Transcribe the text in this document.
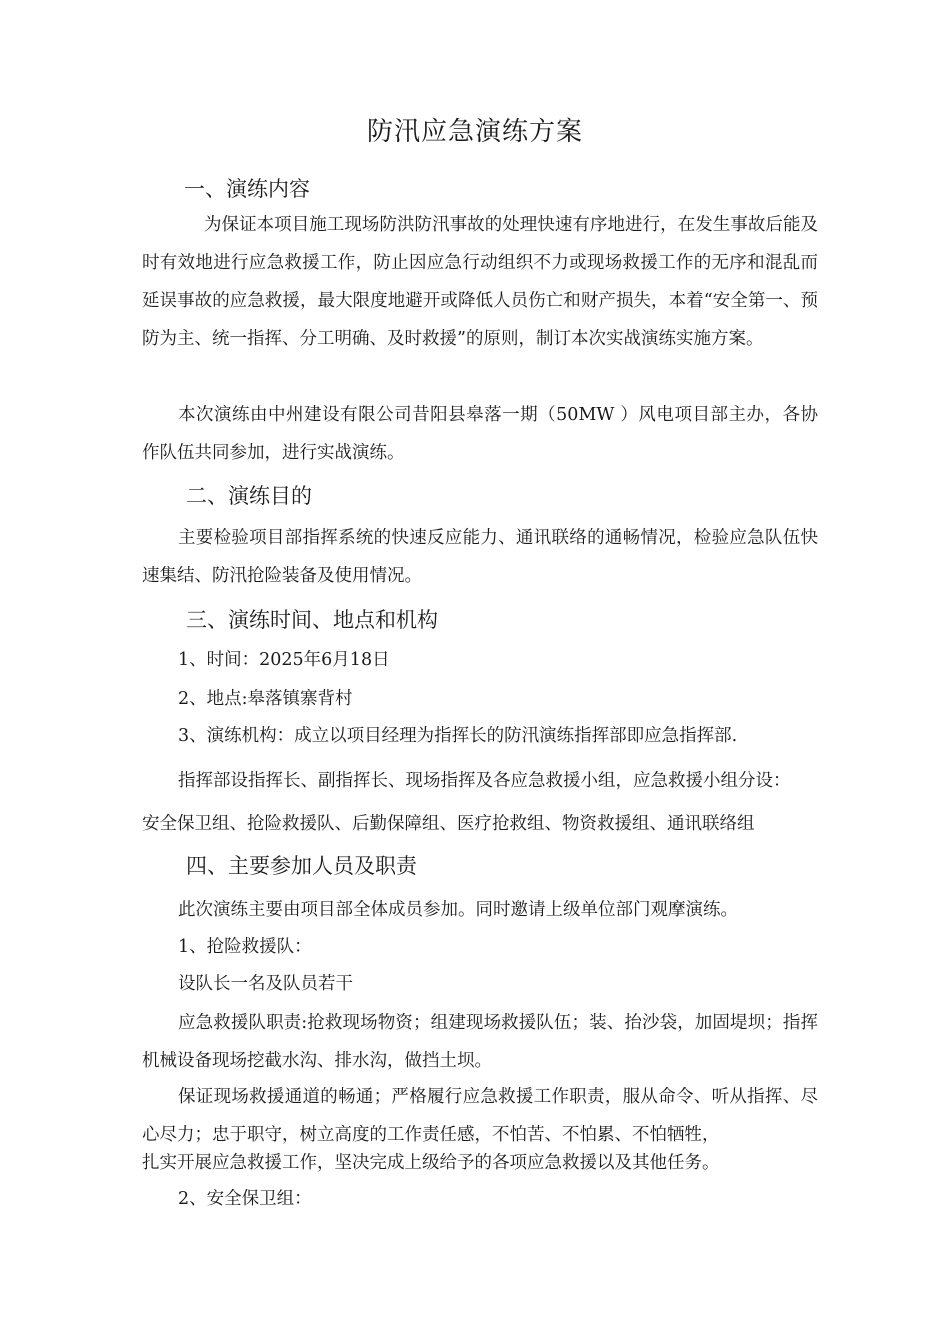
防汛应急演练方案
一、演练内容

为保证本项目施工现场防洪防汛事故的处理快速有序地进行，在发生事故后能及时有效地进行应急救援工作，防止因应急行动组织不力或现场救援工作的无序和混乱而延误事故的应急救援，最大限度地避开或降低人员伤亡和财产损失，本着“安全第一、预防为主、统一指挥、分工明确、及时救援”的原则，制订本次实战演练实施方案。

本次演练由中州建设有限公司昔阳县皋落一期（50MW ）风电项目部主办，各协作队伍共同参加，进行实战演练。

二、演练目的

主要检验项目部指挥系统的快速反应能力、通讯联络的通畅情况，检验应急队伍快速集结、防汛抢险装备及使用情况。

三、演练时间、地点和机构

1、时间：2025年6月18日

2、地点:皋落镇寨背村

3、演练机构：成立以项目经理为指挥长的防汛演练指挥部即应急指挥部.

指挥部设指挥长、副指挥长、现场指挥及各应急救援小组，应急救援小组分设：

安全保卫组、抢险救援队、后勤保障组、医疗抢救组、物资救援组、通讯联络组

四、主要参加人员及职责

此次演练主要由项目部全体成员参加。同时邀请上级单位部门观摩演练。

1、抢险救援队：

设队长一名及队员若干

应急救援队职责:抢救现场物资；组建现场救援队伍；装、抬沙袋，加固堤坝；指挥机械设备现场挖截水沟、排水沟，做挡土坝。

保证现场救援通道的畅通；严格履行应急救援工作职责，服从命令、听从指挥、尽心尽力；忠于职守，树立高度的工作责任感，不怕苦、不怕累、不怕牺牲，

扎实开展应急救援工作，坚决完成上级给予的各项应急救援以及其他任务。

2、安全保卫组：
